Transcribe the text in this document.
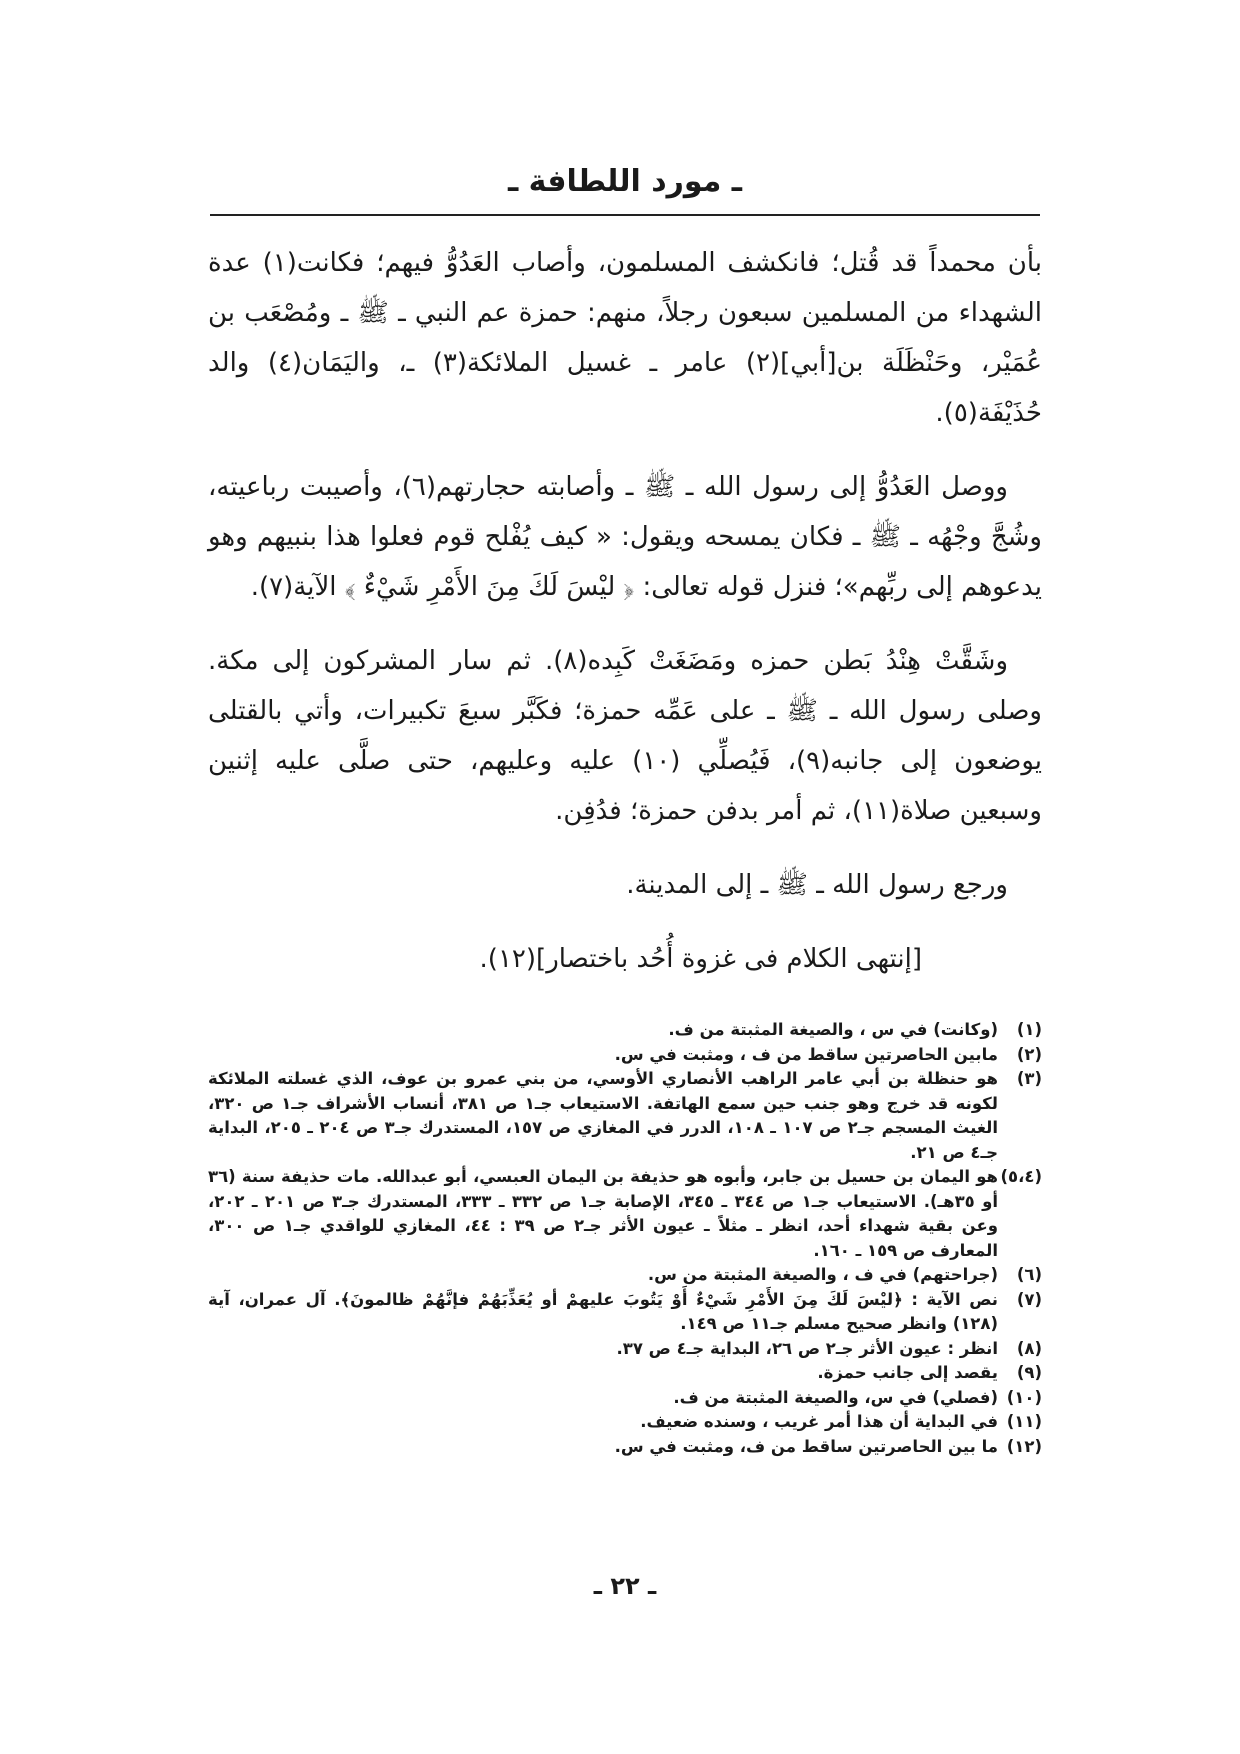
ـ مورد اللطافة ـ

بأن محمداً قد قُتل؛ فانكشف المسلمون، وأصاب العَدُوُّ فيهم؛ فكانت(١) عدة الشهداء من المسلمين سبعون رجلاً، منهم: حمزة عم النبي ـ ﷺ ـ ومُصْعَب بن عُمَيْر، وحَنْظَلَة بن[أبي](٢) عامر ـ غسيل الملائكة(٣) ـ، واليَمَان(٤) والد حُذَيْفَة(٥).

ووصل العَدُوُّ إلى رسول الله ـ ﷺ ـ وأصابته حجارتهم(٦)، وأصيبت رباعيته، وشُجَّ وجْهُه ـ ﷺ ـ فكان يمسحه ويقول: « كيف يُفْلح قوم فعلوا هذا بنبيهم وهو يدعوهم إلى ربِّهم»؛ فنزل قوله تعالى: ﴿ ليْسَ لَكَ مِنَ الأَمْرِ شَيْءٌ ﴾ الآية(٧).

وشَقَّتْ هِنْدُ بَطن حمزه ومَضَغَتْ كَبِده(٨). ثم سار المشركون إلى مكة. وصلى رسول الله ـ ﷺ ـ على عَمِّه حمزة؛ فكَبَّر سبعَ تكبيرات، وأتي بالقتلى يوضعون إلى جانبه(٩)، فَيُصلِّي (١٠) عليه وعليهم، حتى صلَّى عليه إثنين وسبعين صلاة(١١)، ثم أمر بدفن حمزة؛ فدُفِن.

ورجع رسول الله ـ ﷺ ـ إلى المدينة.

[إنتهى الكلام فى غزوة أُحُد باختصار](١٢).

(١)
(وكانت) في س ، والصيغة المثبتة من ف.
(٢)
مابين الحاصرتين ساقط من ف ، ومثبت في س.
(٣)
هو حنظلة بن أبي عامر الراهب الأنصاري الأوسي، من بني عمرو بن عوف، الذي غسلته الملائكة لكونه قد خرج وهو جنب حين سمع الهاتفة. الاستيعاب جـ١ ص ٣٨١، أنساب الأشراف جـ١ ص ٣٢٠، الغيث المسجم جـ٢ ص ١٠٧ ـ ١٠٨، الدرر في المغازي ص ١٥٧، المستدرك جـ٣ ص ٢٠٤ ـ ٢٠٥، البداية جـ٤ ص ٢١.
(٥،٤)
هو اليمان بن حسيل بن جابر، وأبوه هو حذيفة بن اليمان العبسي، أبو عبدالله. مات حذيفة سنة (٣٦ أو ٣٥هـ). الاستيعاب جـ١ ص ٣٤٤ ـ ٣٤٥، الإصابة جـ١ ص ٣٣٢ ـ ٣٣٣، المستدرك جـ٣ ص ٢٠١ ـ ٢٠٢، وعن بقية شهداء أحد، انظر ـ مثلاً ـ عيون الأثر جـ٢ ص ٣٩ : ٤٤، المغازي للواقدي جـ١ ص ٣٠٠، المعارف ص ١٥٩ ـ ١٦٠.
(٦)
(جراحتهم) في ف ، والصيغة المثبتة من س.
(٧)
نص الآية : ﴿ليْسَ لَكَ مِنَ الأَمْرِ شَيْءٌ أَوْ يَتُوبَ عليهمْ أو يُعَذِّبَهُمْ فإنَّهُمْ ظالمونَ﴾. آل عمران، آية (١٢٨) وانظر صحيح مسلم جـ١١ ص ١٤٩.
(٨)
انظر : عيون الأثر جـ٢ ص ٢٦، البداية جـ٤ ص ٣٧.
(٩)
يقصد إلى جانب حمزة.
(١٠)
(فصلي) في س، والصيغة المثبتة من ف.
(١١)
في البداية أن هذا أمر غريب ، وسنده ضعيف.
(١٢)
ما بين الحاصرتين ساقط من ف، ومثبت في س.
ـ ٢٢ ـ
